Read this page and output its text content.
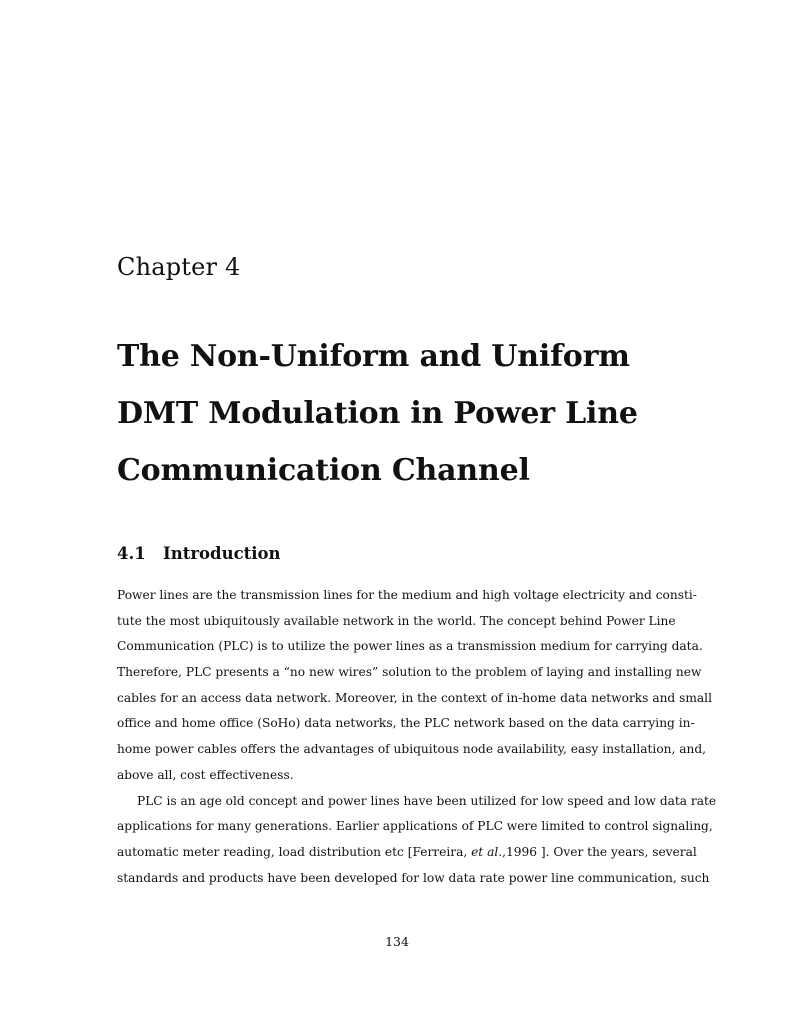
Chapter 4
The Non-Uniform and Uniform
DMT Modulation in Power Line
Communication Channel
4.1 Introduction
Power lines are the transmission lines for the medium and high voltage electricity and consti-
tute the most ubiquitously available network in the world. The concept behind Power Line
Communication (PLC) is to utilize the power lines as a transmission medium for carrying data.
Therefore, PLC presents a “no new wires” solution to the problem of laying and installing new
cables for an access data network. Moreover, in the context of in-home data networks and small
office and home office (SoHo) data networks, the PLC network based on the data carrying in-
home power cables offers the advantages of ubiquitous node availability, easy installation, and,
above all, cost effectiveness.
PLC is an age old concept and power lines have been utilized for low speed and low data rate
applications for many generations. Earlier applications of PLC were limited to control signaling,
automatic meter reading, load distribution etc [Ferreira, et al.,1996 ]. Over the years, several
standards and products have been developed for low data rate power line communication, such
134
